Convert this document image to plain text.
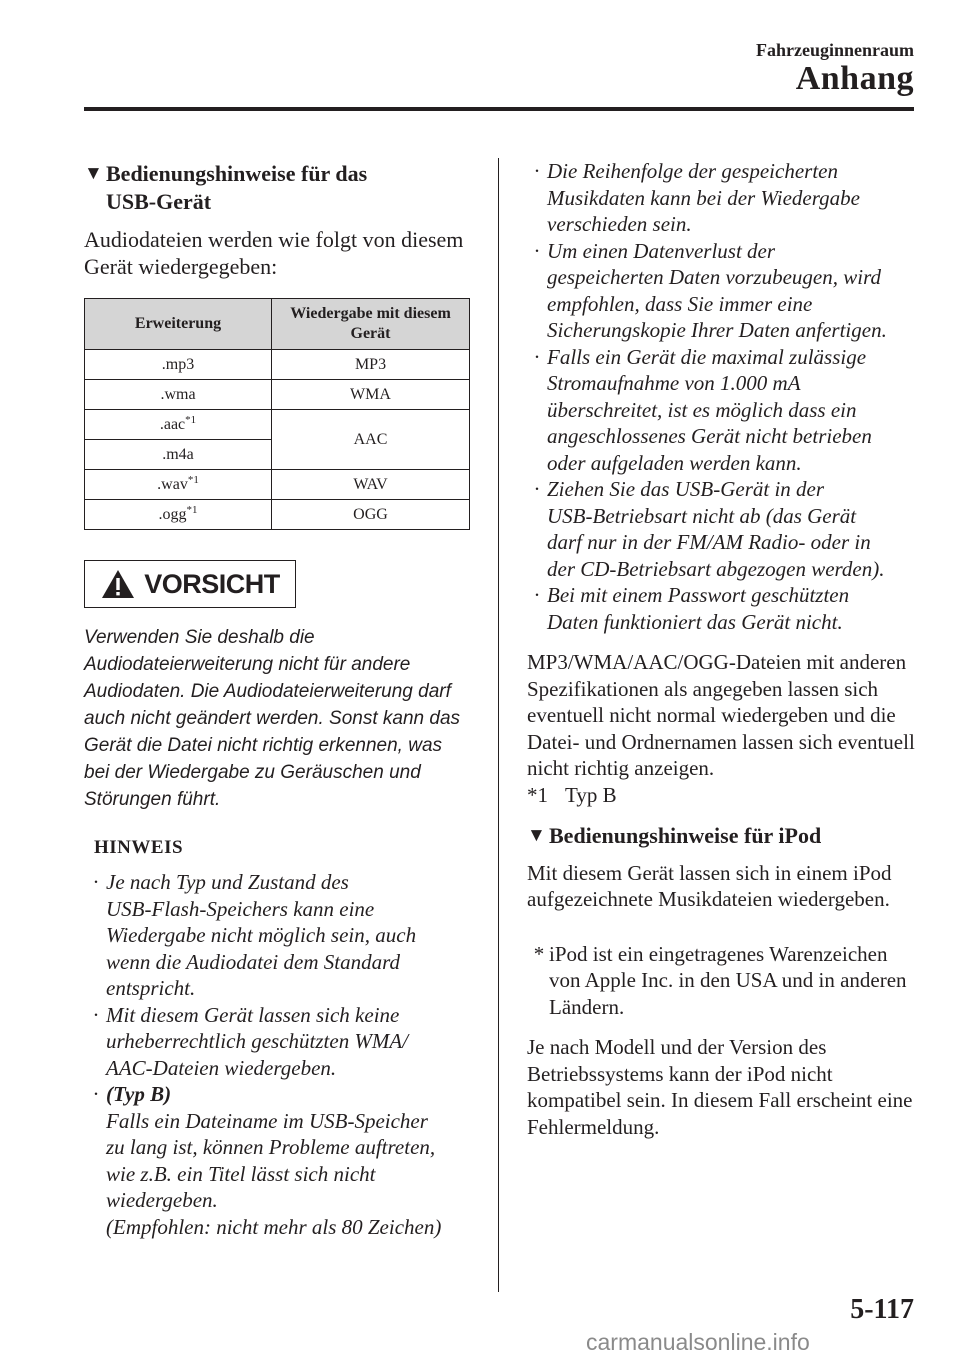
Fahrzeuginnenraum
Anhang
▼ Bedienungshinweise für das
USB-Gerät
Audiodateien werden wie folgt von diesem Gerät wiedergegeben:
Erweiterung	Wiedergabe mit diesem
Gerät
.mp3	MP3
.wma	WMA
.aac$^{*1}$	AAC
.m4a	
.wav$^{*1}$	WAV
.ogg$^{*1}$	OGG
VORSICHT
Verwenden Sie deshalb die Audiodateierweiterung nicht für andere Audiodaten. Die Audiodateierweiterung darf auch nicht geändert werden. Sonst kann das Gerät die Datei nicht richtig erkennen, was bei der Wiedergabe zu Geräuschen und Störungen führt.
HINWEIS
· Je nach Typ und Zustand des
USB-Flash-Speichers kann eine
Wiedergabe nicht möglich sein, auch
wenn die Audiodatei dem Standard
entspricht.
· Mit diesem Gerät lassen sich keine
urheberrechtlich geschützten WMA/
AAC-Dateien wiedergeben.
· (Typ B)
Falls ein Dateiname im USB-Speicher
zu lang ist, können Probleme auftreten,
wie z.B. ein Titel lässt sich nicht
wiedergeben.
(Empfohlen: nicht mehr als 80 Zeichen)
· Die Reihenfolge der gespeicherten
Musikdaten kann bei der Wiedergabe
verschieden sein.
· Um einen Datenverlust der
gespeicherten Daten vorzubeugen, wird
empfohlen, dass Sie immer eine
Sicherungskopie Ihrer Daten anfertigen.
· Falls ein Gerät die maximal zulässige
Stromaufnahme von 1.000 mA
überschreitet, ist es möglich dass ein
angeschlossenes Gerät nicht betrieben
oder aufgeladen werden kann.
· Ziehen Sie das USB-Gerät in der
USB-Betriebsart nicht ab (das Gerät
darf nur in der FM/AM Radio- oder in
der CD-Betriebsart abgezogen werden).
· Bei mit einem Passwort geschützten
Daten funktioniert das Gerät nicht.
MP3/WMA/AAC/OGG-Dateien mit anderen Spezifikationen als angegeben lassen sich eventuell nicht normal wiedergeben und die Datei- und Ordnernamen lassen sich eventuell nicht richtig anzeigen.
*1 Typ B
▼ Bedienungshinweise für iPod
Mit diesem Gerät lassen sich in einem iPod aufgezeichnete Musikdateien wiedergeben.
* iPod ist ein eingetragenes Warenzeichen von Apple Inc. in den USA und in anderen Ländern.
Je nach Modell und der Version des Betriebssystems kann der iPod nicht kompatibel sein. In diesem Fall erscheint eine Fehlermeldung.
5-117
carmanualsonline.info
